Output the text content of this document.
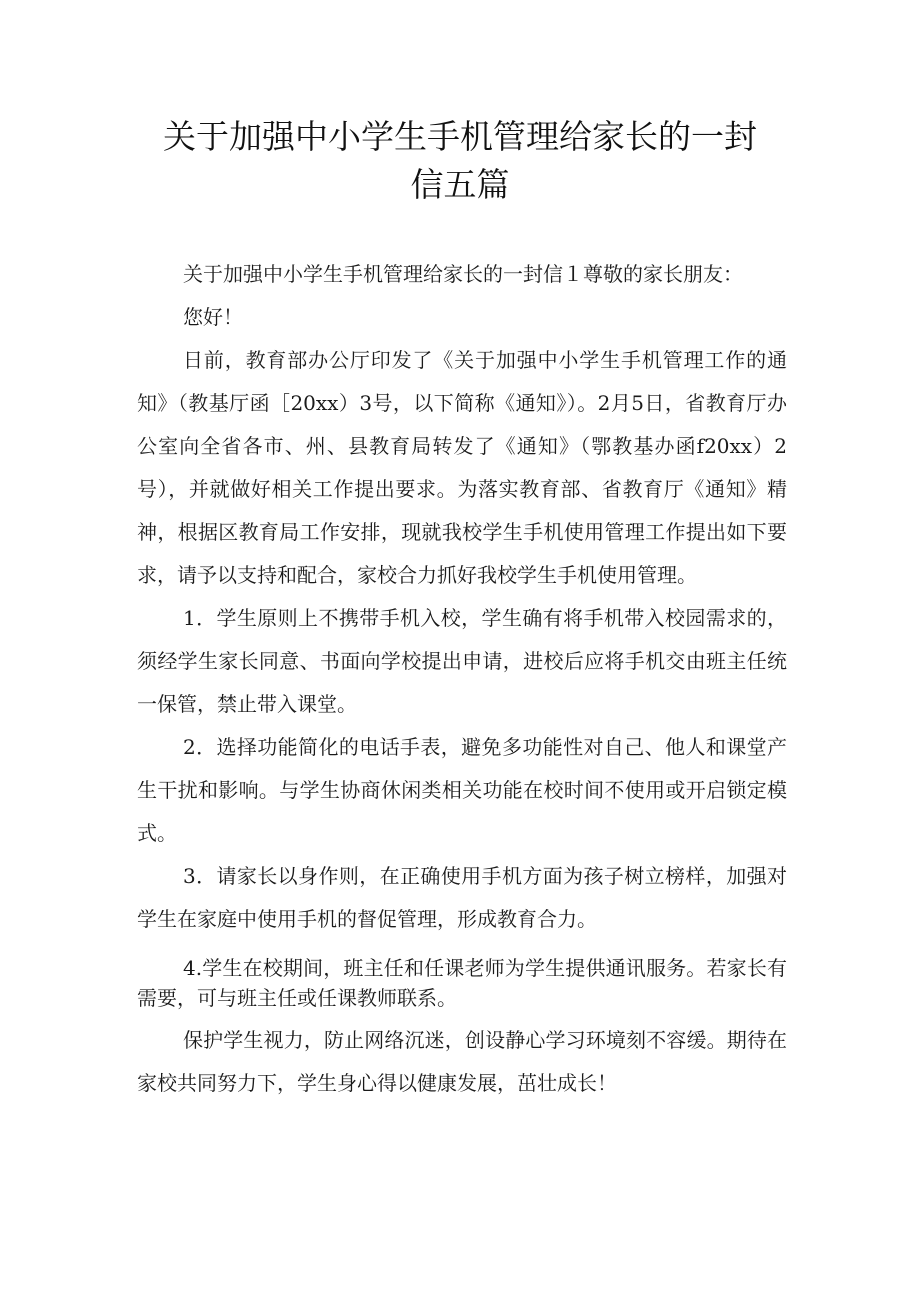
关于加强中小学生手机管理给家长的一封
信五篇

关于加强中小学生手机管理给家长的一封信１尊敬的家长朋友：

您好！

日前，教育部办公厅印发了《关于加强中小学生手机管理工作的通知》（教基厅函［20xx）3号，以下简称《通知》）。2月5日，省教育厅办公室向全省各市、州、县教育局转发了《通知》（鄂教基办函f20xx）2号），并就做好相关工作提出要求。为落实教育部、省教育厅《通知》精神，根据区教育局工作安排，现就我校学生手机使用管理工作提出如下要求，请予以支持和配合，家校合力抓好我校学生手机使用管理。

1．学生原则上不携带手机入校，学生确有将手机带入校园需求的，须经学生家长同意、书面向学校提出申请，进校后应将手机交由班主任统一保管，禁止带入课堂。

2．选择功能简化的电话手表，避免多功能性对自己、他人和课堂产生干扰和影响。与学生协商休闲类相关功能在校时间不使用或开启锁定模式。

3．请家长以身作则，在正确使用手机方面为孩子树立榜样，加强对学生在家庭中使用手机的督促管理，形成教育合力。

4.学生在校期间，班主任和任课老师为学生提供通讯服务。若家长有需要，可与班主任或任课教师联系。

保护学生视力，防止网络沉迷，创设静心学习环境刻不容缓。期待在家校共同努力下，学生身心得以健康发展，茁壮成长！
